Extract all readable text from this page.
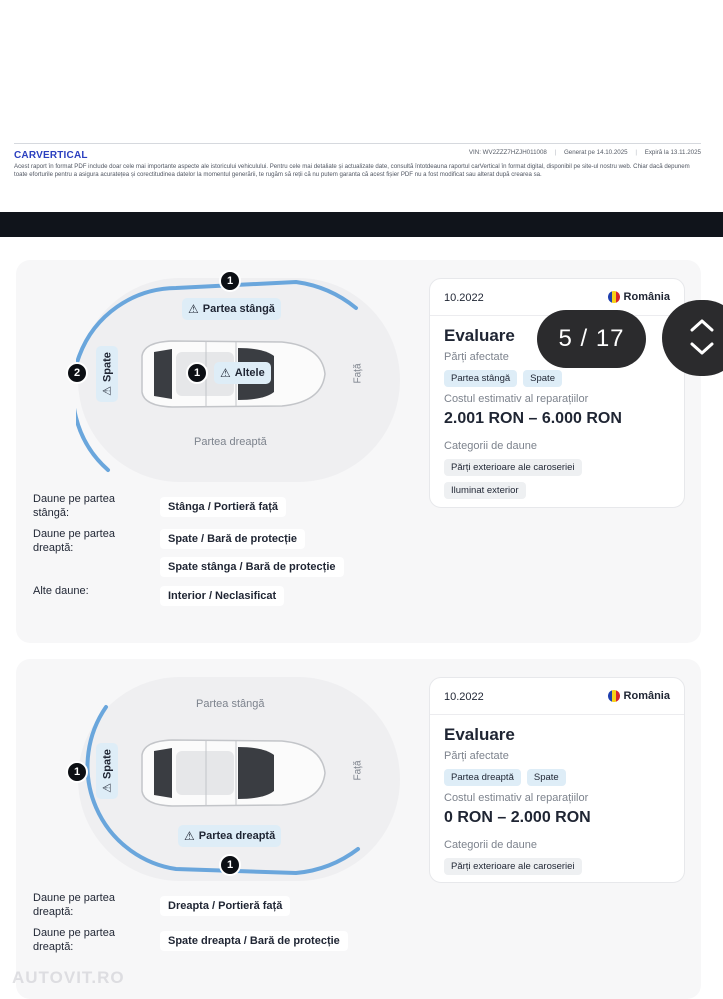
CARVERTICAL	VIN: WV2ZZZ7HZJH011008 | Generat pe 14.10.2025 | Expiră la 13.11.2025
Acest raport în format PDF include doar cele mai importante aspecte ale istoricului vehiculului. Pentru cele mai detaliate și actualizate date, consultă întotdeauna raportul carVertical în format digital, disponibil pe site-ul nostru web. Chiar dacă depunem toate eforturile pentru a asigura acuratețea și corectitudinea datelor la momentul generării, te rugăm să reții că nu putem garanta că acest fișier PDF nu a fost modificat sau alterat după crearea sa.
1
⚠ Partea stângă
⚠
Spate
2	1	⚠ Altele	Față
Partea dreaptă
Daune pe partea stângă:	Stânga / Portieră față
Daune pe partea dreaptă:
Spate / Bară de protecție
Spate stânga / Bară de protecție
Alte daune:	Interior / Neclasificat
10.2022	România
Evaluare
Părți afectate
Partea stângă	Spate
Costul estimativ al reparațiilor
2.001 RON – 6.000 RON
Categorii de daune
Părți exterioare ale caroseriei
Iluminat exterior
Partea stângă
⚠
Spate
1	Față
⚠ Partea dreaptă
1
Daune pe partea dreaptă:	Dreapta / Portieră față
Daune pe partea dreaptă:	Spate dreapta / Bară de protecție
10.2022	România
Evaluare
Părți afectate
Partea dreaptă	Spate
Costul estimativ al reparațiilor
0 RON – 2.000 RON
Categorii de daune
Părți exterioare ale caroseriei
5 / 17
AUTOVIT.RO
